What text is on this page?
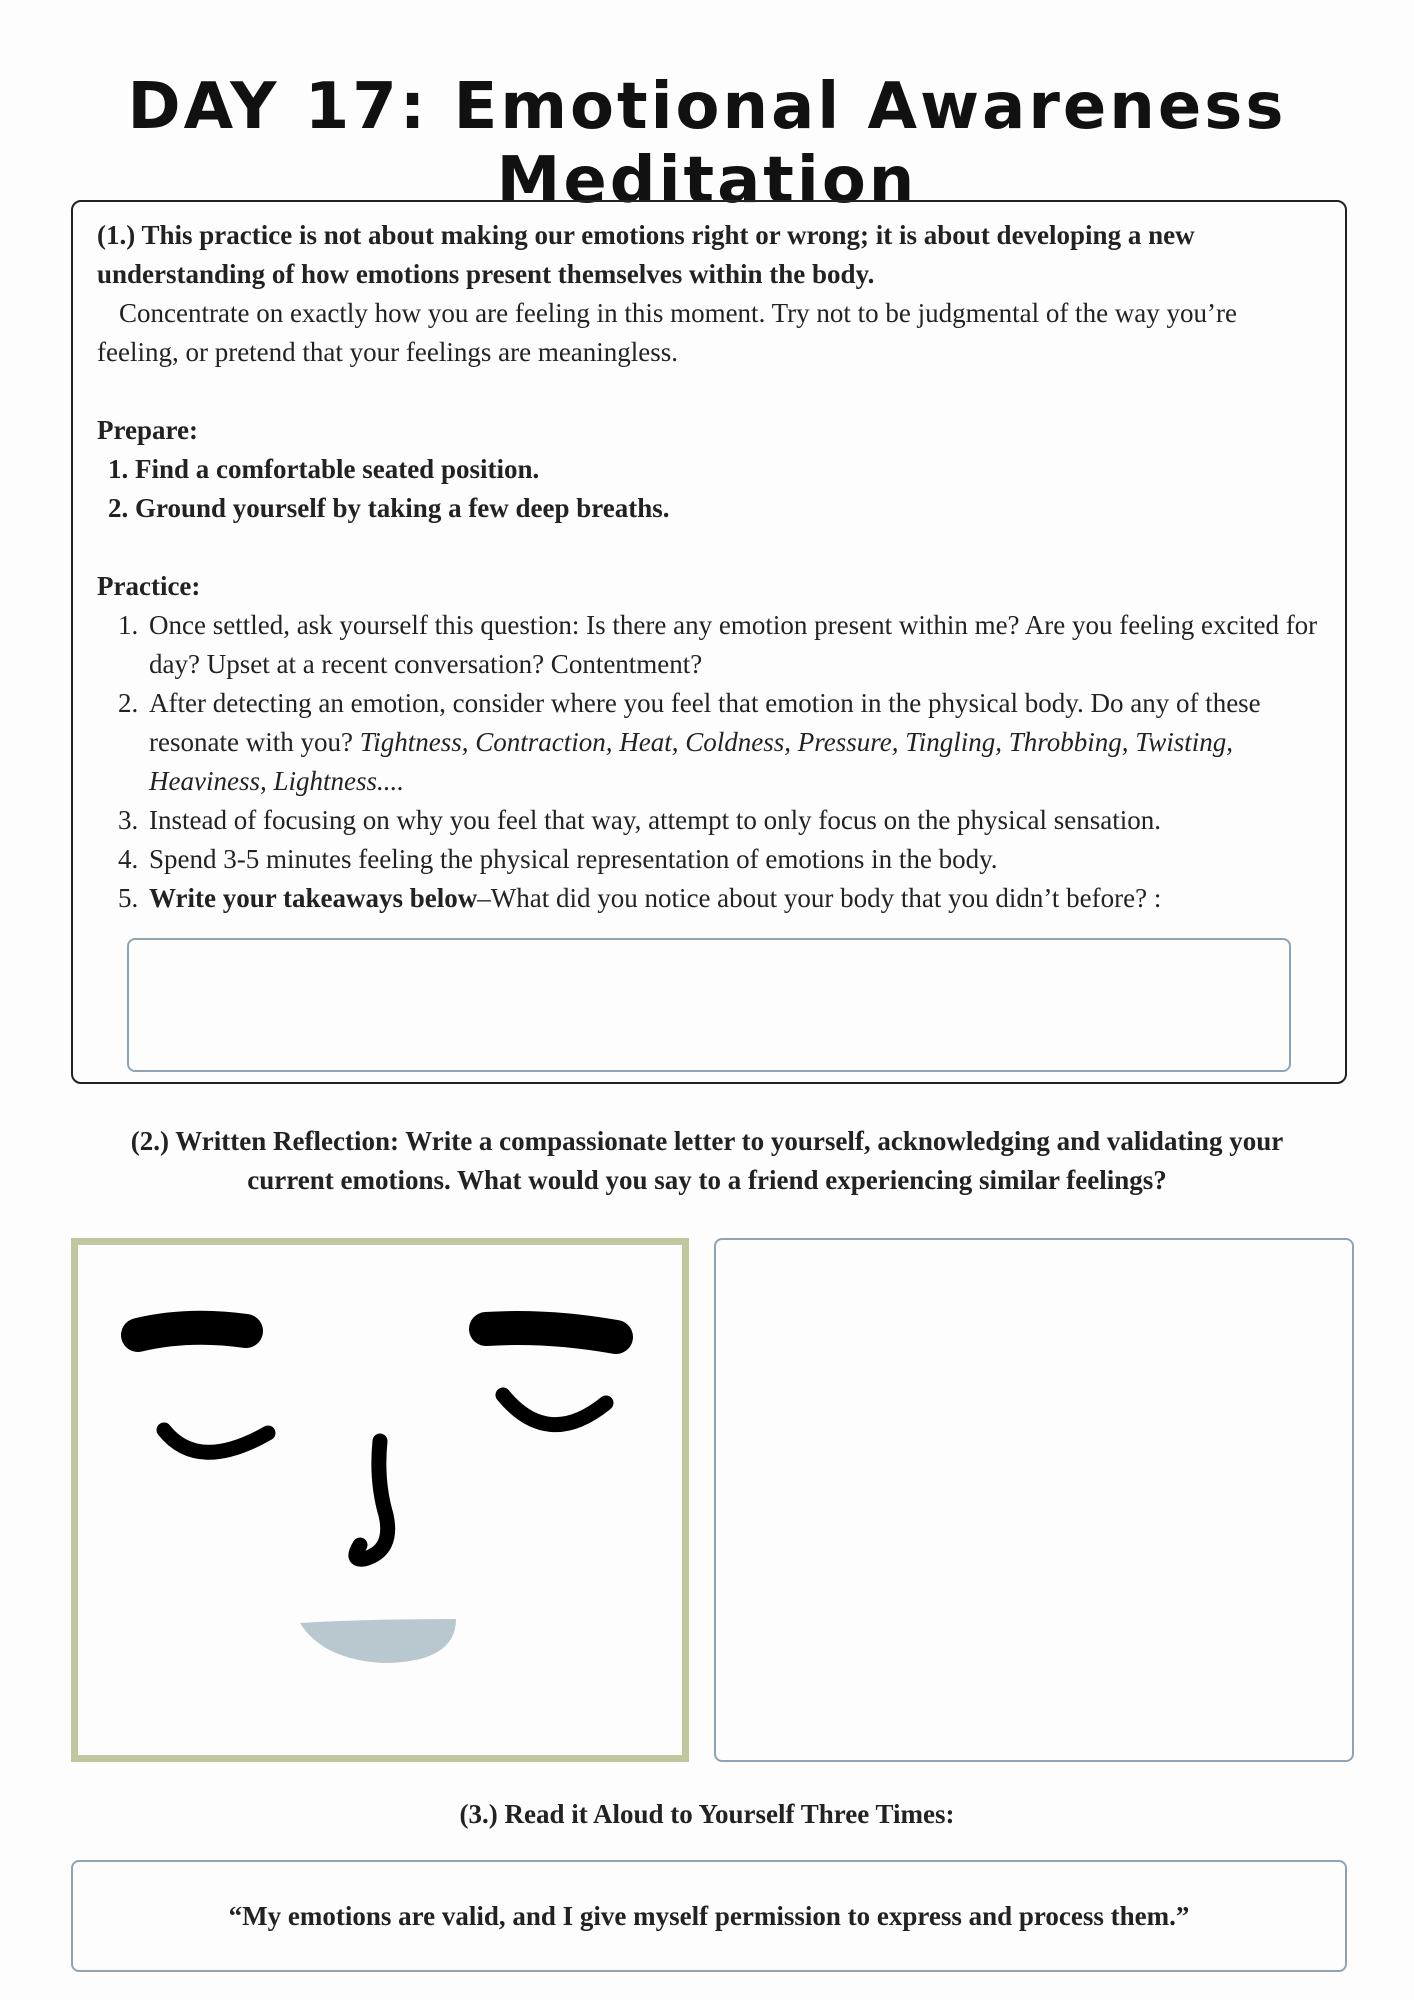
DAY 17: Emotional Awareness Meditation

(1.) This practice is not about making our emotions right or wrong; it is about developing a new understanding of how emotions present themselves within the body.

Concentrate on exactly how you are feeling in this moment. Try not to be judgmental of the way you’re feeling, or pretend that your feelings are meaningless.

Prepare:

1. Find a comfortable seated position.
2. Ground yourself by taking a few deep breaths.

Practice:

1. Once settled, ask yourself this question: Is there any emotion present within me? Are you feeling excited for day? Upset at a recent conversation? Contentment?
2. After detecting an emotion, consider where you feel that emotion in the physical body. Do any of these resonate with you? Tightness, Contraction, Heat, Coldness, Pressure, Tingling, Throbbing, Twisting, Heaviness, Lightness....
3. Instead of focusing on why you feel that way, attempt to only focus on the physical sensation.
4. Spend 3-5 minutes feeling the physical representation of emotions in the body.
5. Write your takeaways below–What did you notice about your body that you didn’t before? :
(2.) Written Reflection: Write a compassionate letter to yourself, acknowledging and validating your current emotions. What would you say to a friend experiencing similar feelings?
(3.) Read it Aloud to Yourself Three Times:
“My emotions are valid, and I give myself permission to express and process them.”
